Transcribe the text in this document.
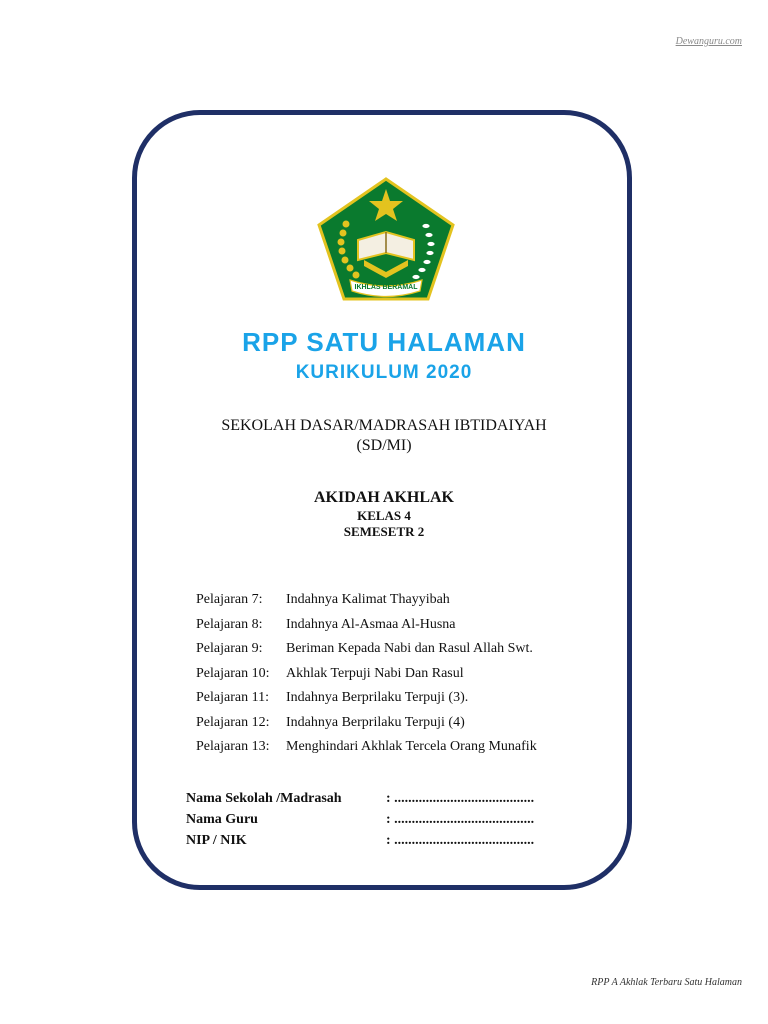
Dewanguru.com
IKHLAS BERAMAL
RPP SATU HALAMAN
KURIKULUM 2020
SEKOLAH DASAR/MADRASAH IBTIDAIYAH
(SD/MI)
AKIDAH AKHLAK
KELAS 4
SEMESETR 2
Pelajaran 7:	Indahnya Kalimat Thayyibah
Pelajaran 8:	Indahnya Al-Asmaa Al-Husna
Pelajaran 9:	Beriman Kepada Nabi dan Rasul Allah Swt.
Pelajaran 10:	Akhlak Terpuji Nabi Dan Rasul
Pelajaran 11:	Indahnya Berprilaku Terpuji (3).
Pelajaran 12:	Indahnya Berprilaku Terpuji (4)
Pelajaran 13:	Menghindari Akhlak Tercela Orang Munafik
Nama Sekolah /Madrasah	: ........................................
Nama Guru	: ........................................
NIP / NIK	: ........................................
RPP A Akhlak Terbaru Satu Halaman
